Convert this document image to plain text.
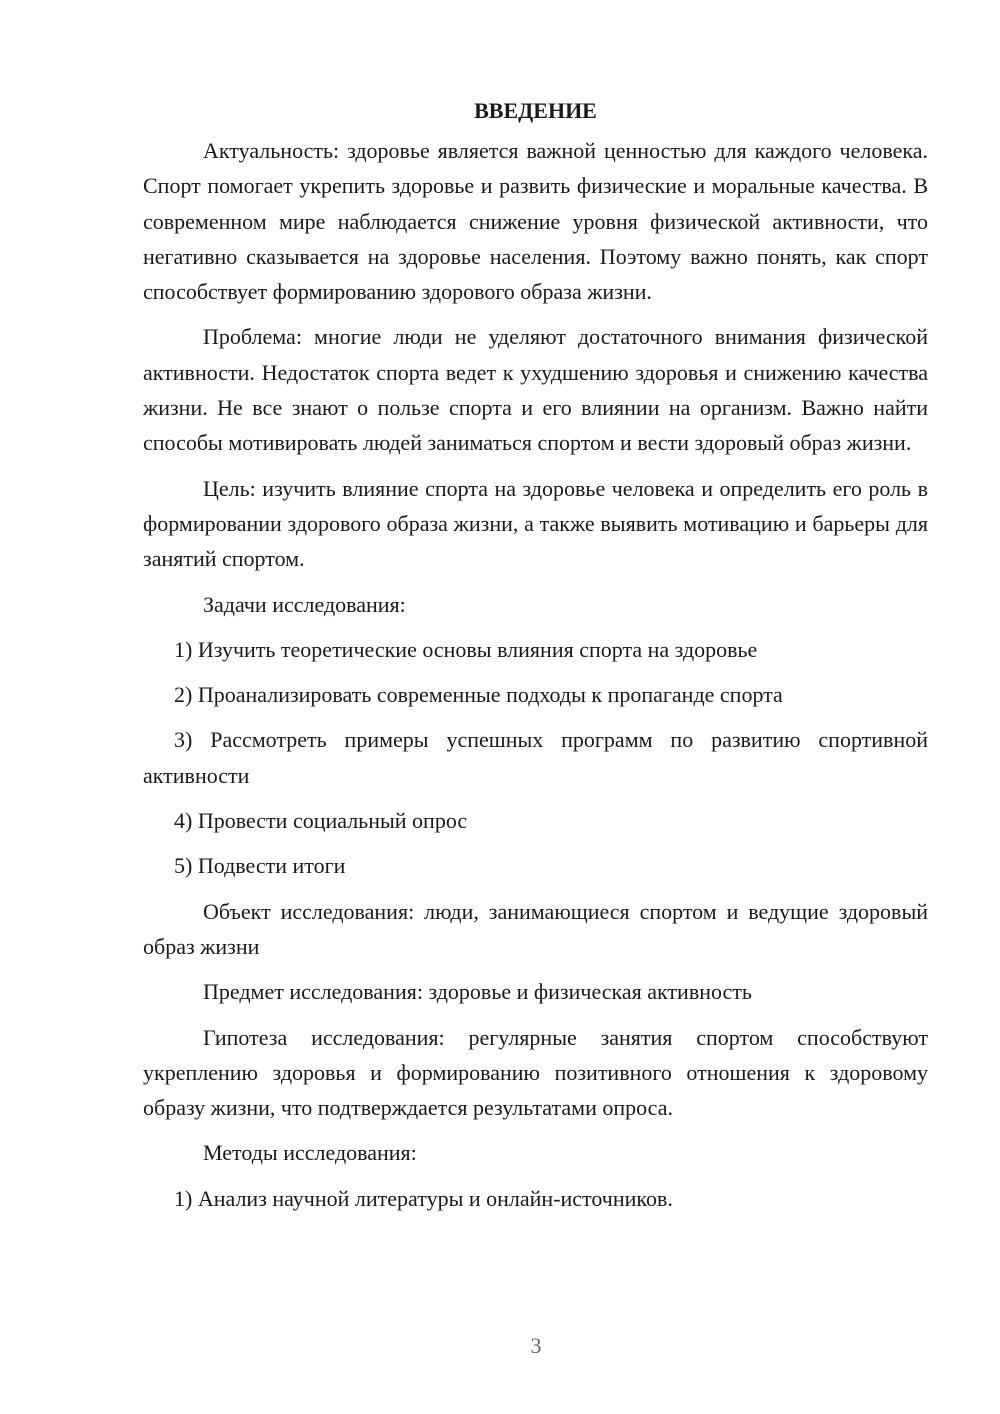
ВВЕДЕНИЕ

Актуальность: здоровье является важной ценностью для каждого человека. Спорт помогает укрепить здоровье и развить физические и моральные качества. В современном мире наблюдается снижение уровня физической активности, что негативно сказывается на здоровье населения. Поэтому важно понять, как спорт способствует формированию здорового образа жизни.

Проблема: многие люди не уделяют достаточного внимания физической активности. Недостаток спорта ведет к ухудшению здоровья и снижению качества жизни. Не все знают о пользе спорта и его влиянии на организм. Важно найти способы мотивировать людей заниматься спортом и вести здоровый образ жизни.

Цель: изучить влияние спорта на здоровье человека и определить его роль в формировании здорового образа жизни, а также выявить мотивацию и барьеры для занятий спортом.

Задачи исследования:

1) Изучить теоретические основы влияния спорта на здоровье

2) Проанализировать современные подходы к пропаганде спорта

3) Рассмотреть примеры успешных программ по развитию спортивной активности

4) Провести социальный опрос

5) Подвести итоги

Объект исследования: люди, занимающиеся спортом и ведущие здоровый образ жизни

Предмет исследования: здоровье и физическая активность

Гипотеза исследования: регулярные занятия спортом способствуют укреплению здоровья и формированию позитивного отношения к здоровому образу жизни, что подтверждается результатами опроса.

Методы исследования:

1) Анализ научной литературы и онлайн-источников.

3
